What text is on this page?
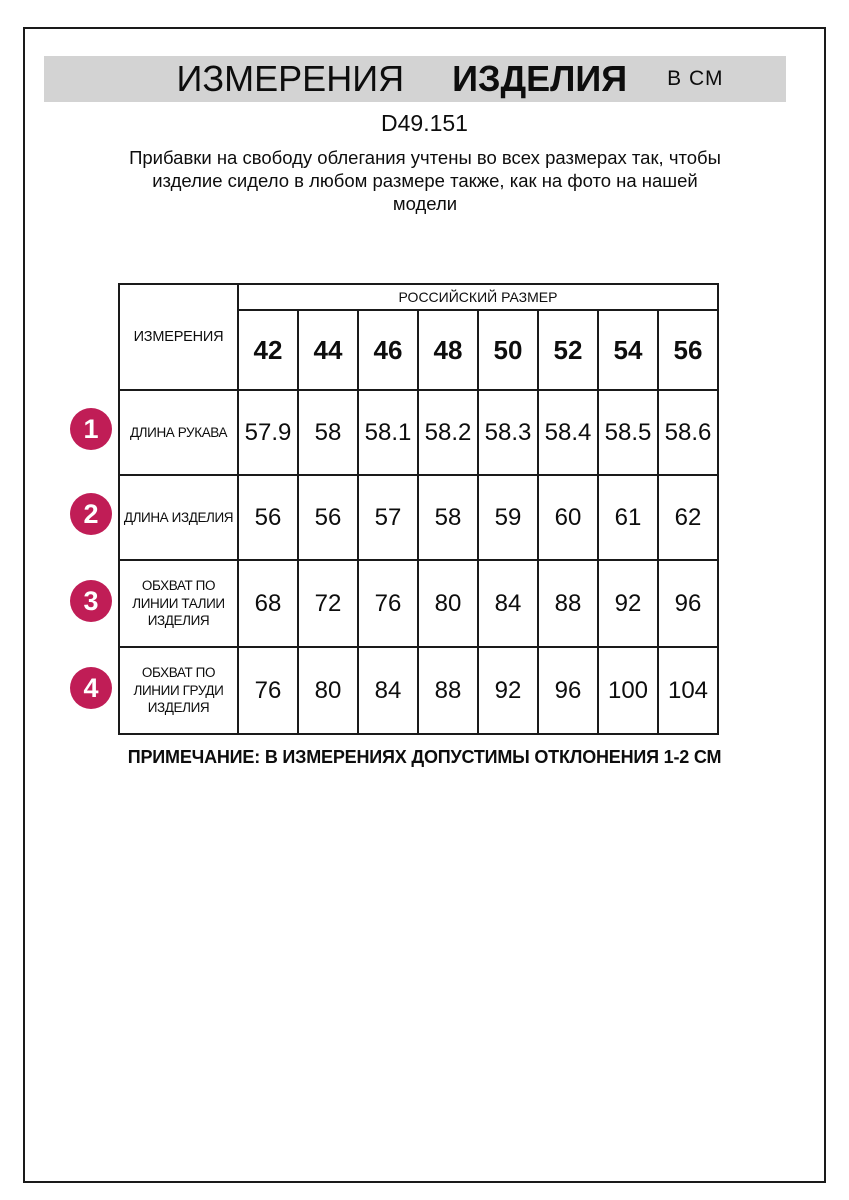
ИЗМЕРЕНИЯ ИЗДЕЛИЯ В СМ
D49.151
Прибавки на свободу облегания учтены во всех размерах так, чтобы
изделие сидело в любом размере также, как на фото на нашей
модели
ИЗМЕРЕНИЯ	РОССИЙСКИЙ РАЗМЕР							
	42	44	46	48	50	52	54	56
ДЛИНА РУКАВА	57.9	58	58.1	58.2	58.3	58.4	58.5	58.6
ДЛИНА ИЗДЕЛИЯ	56	56	57	58	59	60	61	62
ОБХВАТ ПО ЛИНИИ ТАЛИИ ИЗДЕЛИЯ	68	72	76	80	84	88	92	96
ОБХВАТ ПО ЛИНИИ ГРУДИ ИЗДЕЛИЯ	76	80	84	88	92	96	100	104
1
2
3
4
ПРИМЕЧАНИЕ: В ИЗМЕРЕНИЯХ ДОПУСТИМЫ ОТКЛОНЕНИЯ 1-2 СМ
